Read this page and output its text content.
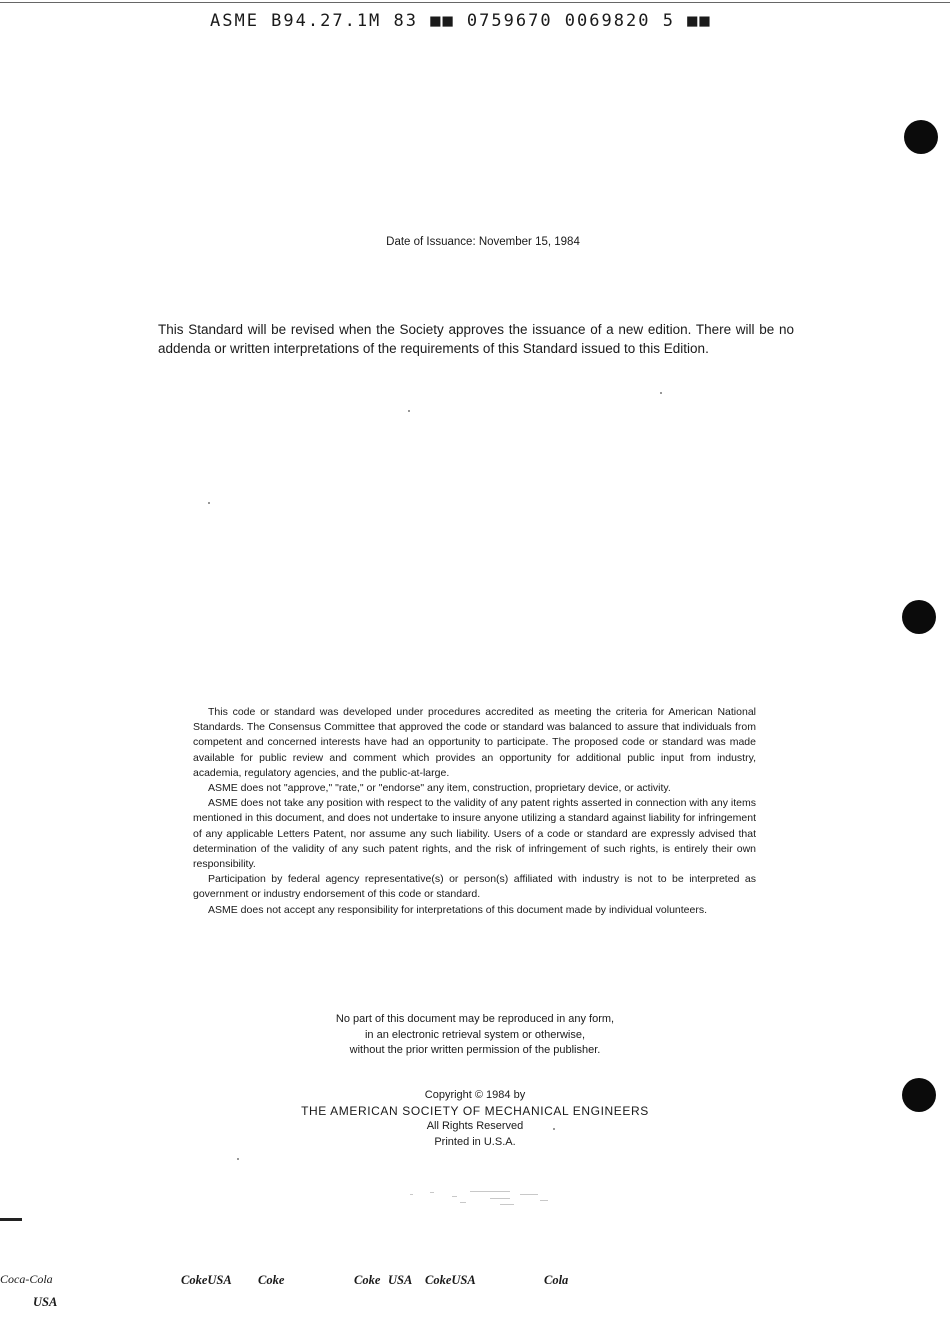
ASME B94.27.1M 83 ■■ 0759670 0069820 5 ■■
Date of Issuance: November 15, 1984
This Standard will be revised when the Society approves the issuance of a new edition. There will be no addenda or written interpretations of the requirements of this Standard issued to this Edition.

This code or standard was developed under procedures accredited as meeting the criteria for American National Standards. The Consensus Committee that approved the code or standard was balanced to assure that individuals from competent and concerned interests have had an opportunity to participate. The proposed code or standard was made available for public review and comment which provides an opportunity for additional public input from industry, academia, regulatory agencies, and the public-at-large.

ASME does not "approve," "rate," or "endorse" any item, construction, proprietary device, or activity.

ASME does not take any position with respect to the validity of any patent rights asserted in connection with any items mentioned in this document, and does not undertake to insure anyone utilizing a standard against liability for infringement of any applicable Letters Patent, nor assume any such liability. Users of a code or standard are expressly advised that determination of the validity of any such patent rights, and the risk of infringement of such rights, is entirely their own responsibility.

Participation by federal agency representative(s) or person(s) affiliated with industry is not to be interpreted as government or industry endorsement of this code or standard.

ASME does not accept any responsibility for interpretations of this document made by individual volunteers.

No part of this document may be reproduced in any form,
in an electronic retrieval system or otherwise,
without the prior written permission of the publisher.
Copyright © 1984 by
THE AMERICAN SOCIETY OF MECHANICAL ENGINEERS
All Rights Reserved
Printed in U.S.A.
Coca-Cola
USA
CokeUSA Coke	Coke USA CokeUSA	Cola
